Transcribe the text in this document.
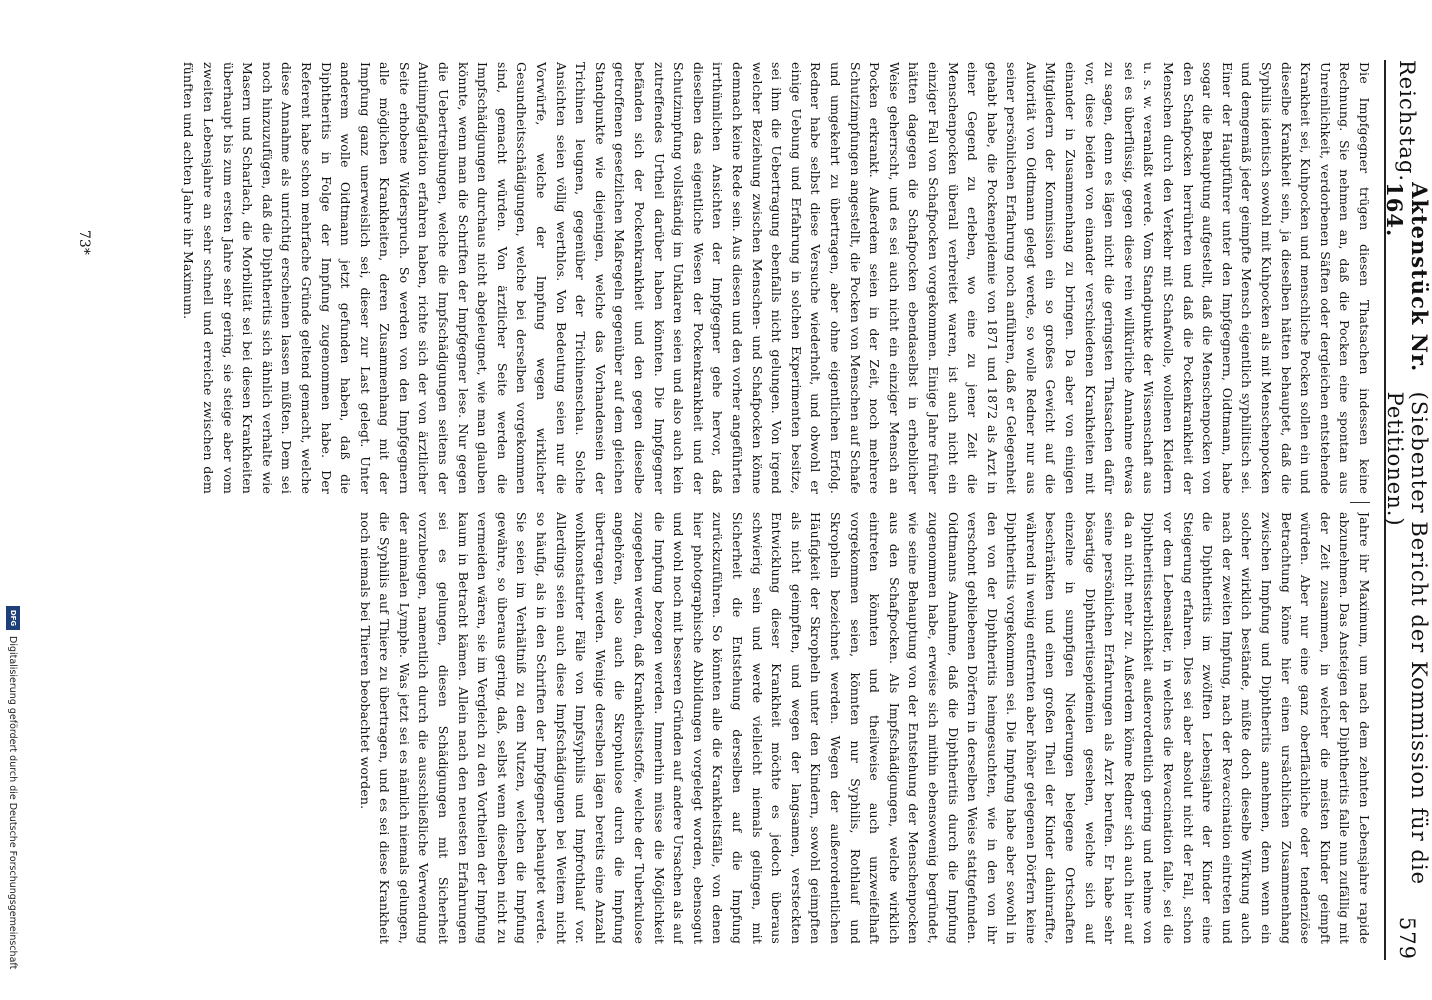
Reichstag.
Aktenstück Nr. 164.
(Siebenter Bericht der Kommission für die Petitionen.)
579
Die Impfgegner trügen diesen Thatsachen indessen keine Rechnung. Sie nehmen an, daß die Pocken eine spontan aus Unreinlichkeit, verdorbenen Säften oder dergleichen entstehende Krankheit sei, Kuhpocken und menschliche Pocken sollen ein und dieselbe Krankheit sein, ja dieselben hätten behauptet, daß die Syphilis identisch sowohl mit Kuhpocken als mit Menschenpocken und demgemäß jeder geimpfte Mensch eigentlich syphilitisch sei. Einer der Hauptführer unter den Impfgegnern, Oidtmann, habe sogar die Behauptung aufgestellt, daß die Menschenpocken von den Schafpocken herrührten und daß die Pockenkrankheit der Menschen durch den Verkehr mit Schafwolle, wollenen Kleidern u. s. w. veranlaßt werde. Vom Standpunkte der Wissenschaft aus sei es überflüssig, gegen diese rein willkürliche Annahme etwas zu sagen, denn es lägen nicht die geringsten Thatsachen dafür vor, diese beiden von einander verschiedenen Krankheiten mit einander in Zusammenhang zu bringen. Da aber von einigen Mitgliedern der Kommission ein so großes Gewicht auf die Autorität von Oidtmann gelegt werde, so wolle Redner nur aus seiner persönlichen Erfahrung noch anführen, daß er Gelegenheit gehabt habe, die Pockenepidemie von 1871 und 1872 als Arzt in einer Gegend zu erleben, wo eine zu jener Zeit die Menschenpocken überall verbreitet waren, ist auch nicht ein einziger Fall von Schafpocken vorgekommen. Einige Jahre früher hätten dagegen die Schafpocken ebendaselbst in erheblicher Weise geherrscht, und es sei auch nicht ein einziger Mensch an Pocken erkrankt. Außerdem seien in der Zeit, noch mehrere Schutzimpfungen angestellt, die Pocken von Menschen auf Schafe und umgekehrt zu übertragen, aber ohne eigentlichen Erfolg. Redner habe selbst diese Versuche wiederholt, und obwohl er einige Uebung und Erfahrung in solchen Experimenten besitze, sei ihm die Uebertragung ebenfalls nicht gelungen. Von irgend welcher Beziehung zwischen Menschen- und Schafpocken könne demnach keine Rede sein. Aus diesen und den vorher angeführten irrthümlichen Ansichten der Impfgegner gehe hervor, daß dieselben das eigentliche Wesen der Pockenkrankheit und der Schutzimpfung vollständig im Unklaren seien und also auch kein zutreffendes Urtheil darüber haben könnten. Die Impfgegner befänden sich der Pockenkrankheit und den gegen dieselbe getroffenen gesetzlichen Maßregeln gegenüber auf dem gleichen Standpunkte wie diejenigen, welche das Vorhandensein der Trichinen leugnen, gegenüber der Trichinenschau. Solche Ansichten seien völlig werthlos. Von Bedeutung seien nur die Vorwürfe, welche der Impfung wegen wirklicher Gesundheitsschädigungen, welche bei derselben vorgekommen sind, gemacht würden. Von ärztlicher Seite werden die Impfschädigungen durchaus nicht abgeleugnet, wie man glauben könnte, wenn man die Schriften der Impfgegner lese. Nur gegen die Uebertreibungen, welche die Impfschädigungen seitens der Antiimpfagitation erfahren haben, richte sich der von ärztlicher Seite erhobene Widerspruch. So werden von den Impfgegnern alle möglichen Krankheiten, deren Zusammenhang mit der Impfung ganz unerweislich sei, dieser zur Last gelegt. Unter anderem wolle Oidtmann jetzt gefunden haben, daß die Diphtheritis in Folge der Impfung zugenommen habe. Der Referent habe schon mehrfache Gründe geltend gemacht, welche diese Annahme als unrichtig erscheinen lassen müßten. Dem sei noch hinzuzufügen, daß die Diphtheritis sich ähnlich verhalte wie Masern und Scharlach, die Morbilität sei bei diesen Krankheiten überhaupt bis zum ersten Jahre sehr gering, sie steige aber vom zweiten Lebensjahre an sehr schnell und erreiche zwischen dem fünften und achten Jahre ihr Maximum.
Jahre ihr Maximum, um nach dem zehnten Lebensjahre rapide abzunehmen. Das Ansteigen der Diphtheritis falle nun zufällig mit der Zeit zusammen, in welcher die meisten Kinder geimpft würden. Aber nur eine ganz oberflächliche oder tendenziöse Betrachtung könne hier einen ursächlichen Zusammenhang zwischen Impfung und Diphtheritis annehmen, denn wenn ein solcher wirklich bestände, müßte doch dieselbe Wirkung auch nach der zweiten Impfung, nach der Revaccination eintreten und die Diphtheritis im zwölften Lebensjahre der Kinder eine Steigerung erfahren. Dies sei aber absolut nicht der Fall, schon vor dem Lebensalter, in welches die Revaccination falle, sei die Diphtheritissterblichkeit außerordentlich gering und nehme von da an nicht mehr zu. Außerdem könne Redner sich auch hier auf seine persönlichen Erfahrungen als Arzt berufen. Er habe sehr bösartige Diphtheritisepidemien gesehen, welche sich auf einzelne in sumpfigen Niederungen belegene Ortschaften beschränkten und einen großen Theil der Kinder dahinraffte, während in wenig entfernten aber höher gelegenen Dörfern keine Diphtheritis vorgekommen sei. Die Impfung habe aber sowohl in den von der Diphtheritis heimgesuchten, wie in den von ihr verschont gebliebenen Dörfern in derselben Weise stattgefunden. Oidtmanns Annahme, daß die Diphtheritis durch die Impfung zugenommen habe, erweise sich mithin ebensowenig begründet, wie seine Behauptung von der Entstehung der Menschenpocken aus den Schafpocken. Als Impfschädigungen, welche wirklich eintreten könnten und theilweise auch unzweifelhaft vorgekommen seien, könnten nur Syphilis, Rothlauf und Skropheln bezeichnet werden. Wegen der außerordentlichen Häufigkeit der Skropheln unter den Kindern, sowohl geimpften als nicht geimpften, und wegen der langsamen, versteckten Entwicklung dieser Krankheit möchte es jedoch überaus schwierig sein und werde vielleicht niemals gelingen, mit Sicherheit die Entstehung derselben auf die Impfung zurückzuführen. So könnten alle die Krankheitsfälle, von denen hier photographische Abbildungen vorgelegt worden, ebensogut und wohl noch mit besseren Gründen auf andere Ursachen als auf die Impfung bezogen werden. Immerhin müsse die Möglichkeit zugegeben werden, daß Krankheitsstoffe, welche der Tuberkulose angehören, also auch die Skrophulose durch die Impfung übertragen werden. Wenige derselben lägen bereits eine Anzahl wohlkonstatirter Fälle von Impfsyphilis und Impfrothlauf vor. Allerdings seien auch diese Impfschädigungen bei Weitem nicht so häufig, als in den Schriften der Impfgegner behauptet werde. Sie seien im Verhältniß zu dem Nutzen, welchen die Impfung gewähre, so überaus gering, daß, selbst wenn dieselben nicht zu vermeiden wären, sie im Vergleich zu den Vortheilen der Impfung kaum in Betracht kämen. Allein nach den neuesten Erfahrungen sei es gelungen, diesen Schädigungen mit Sicherheit vorzubeugen, namentlich durch die ausschließliche Verwendung der animalen Lymphe. Was jetzt sei es nämlich niemals gelungen, die Syphilis auf Thiere zu übertragen, und es sei diese Krankheit noch niemals bei Thieren beobachtet worden.
73*
DFG
Digitalisierung gefördert durch die Deutsche Forschungsgemeinschaft
